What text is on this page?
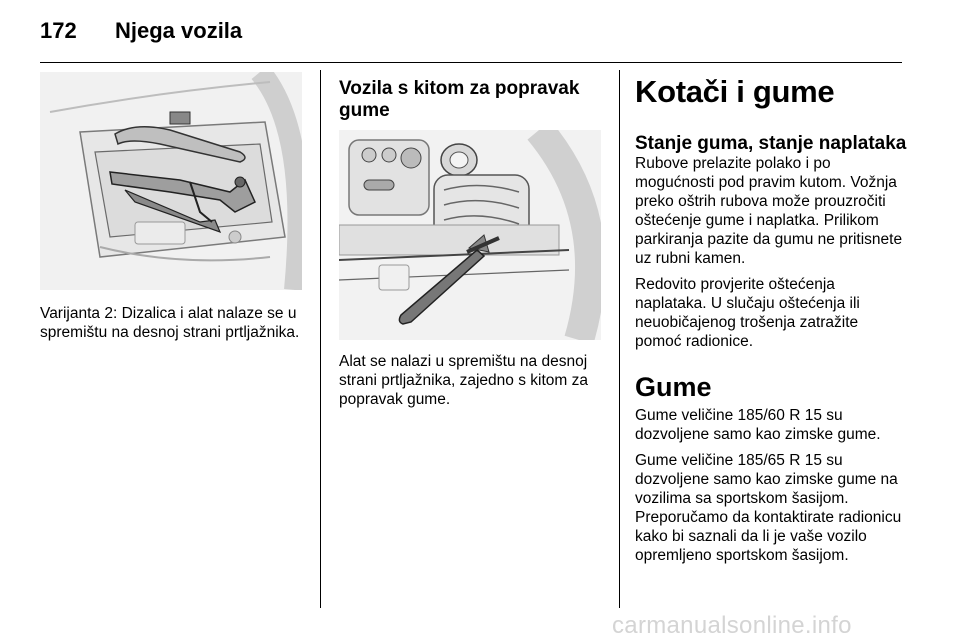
172 Njega vozila

Varijanta 2: Dizalica i alat nalaze se u spremištu na desnoj strani prtljažnika.

Vozila s kitom za popravak
gume

Alat se nalazi u spremištu na desnoj strani prtljažnika, zajedno s kitom za popravak gume.

Kotači i gume
Stanje guma, stanje naplataka

Rubove prelazite polako i po mogućnosti pod pravim kutom. Vožnja preko oštrih rubova može prouzročiti oštećenje gume i naplatka. Prilikom parkiranja pazite da gumu ne pritisnete uz rubni kamen.

Redovito provjerite oštećenja naplataka. U slučaju oštećenja ili neuobičajenog trošenja zatražite pomoć radionice.

Gume

Gume veličine 185/60 R 15 su dozvoljene samo kao zimske gume.

Gume veličine 185/65 R 15 su dozvoljene samo kao zimske gume na vozilima sa sportskom šasijom. Preporučamo da kontaktirate radionicu kako bi saznali da li je vaše vozilo opremljeno sportskom šasijom.

carmanualsonline.info
